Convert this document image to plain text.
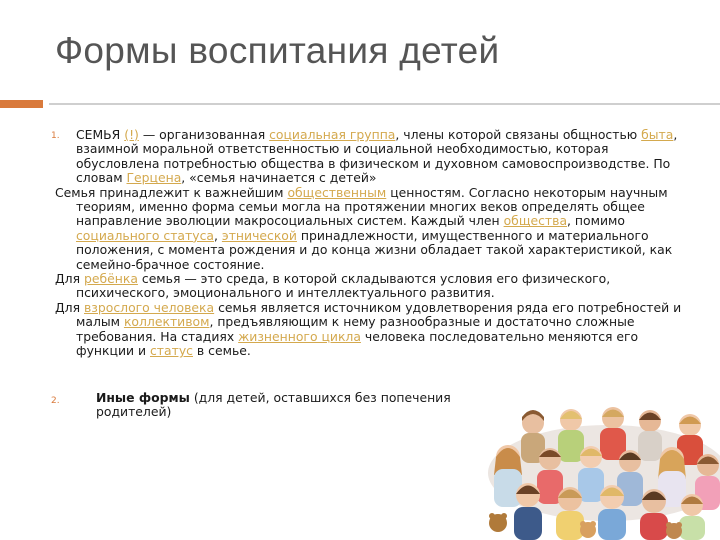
Формы воспитания детей

1. СЕМЬЯ (!) — организованная социальная группа, члены которой связаны общностью быта, взаимной моральной ответственностью и социальной необходимостью, которая обусловлена потребностью общества в физическом и духовном самовоспроизводстве. По словам Герцена, «семья начинается с детей»

Семья принадлежит к важнейшим общественным ценностям. Согласно некоторым научным теориям, именно форма семьи могла на протяжении многих веков определять общее направление эволюции макросоциальных систем. Каждый член общества, помимо социального статуса, этнической принадлежности, имущественного и материального положения, с момента рождения и до конца жизни обладает такой характеристикой, как семейно-брачное состояние.

Для ребёнка семья — это среда, в которой складываются условия его физического, психического, эмоционального и интеллектуального развития.

Для взрослого человека семья является источником удовлетворения ряда его потребностей и малым коллективом, предъявляющим к нему разнообразные и достаточно сложные требования. На стадиях жизненного цикла человека последовательно меняются его функции и статус в семье.

2.	Иные формы (для детей, оставшихся без попечения родителей)
